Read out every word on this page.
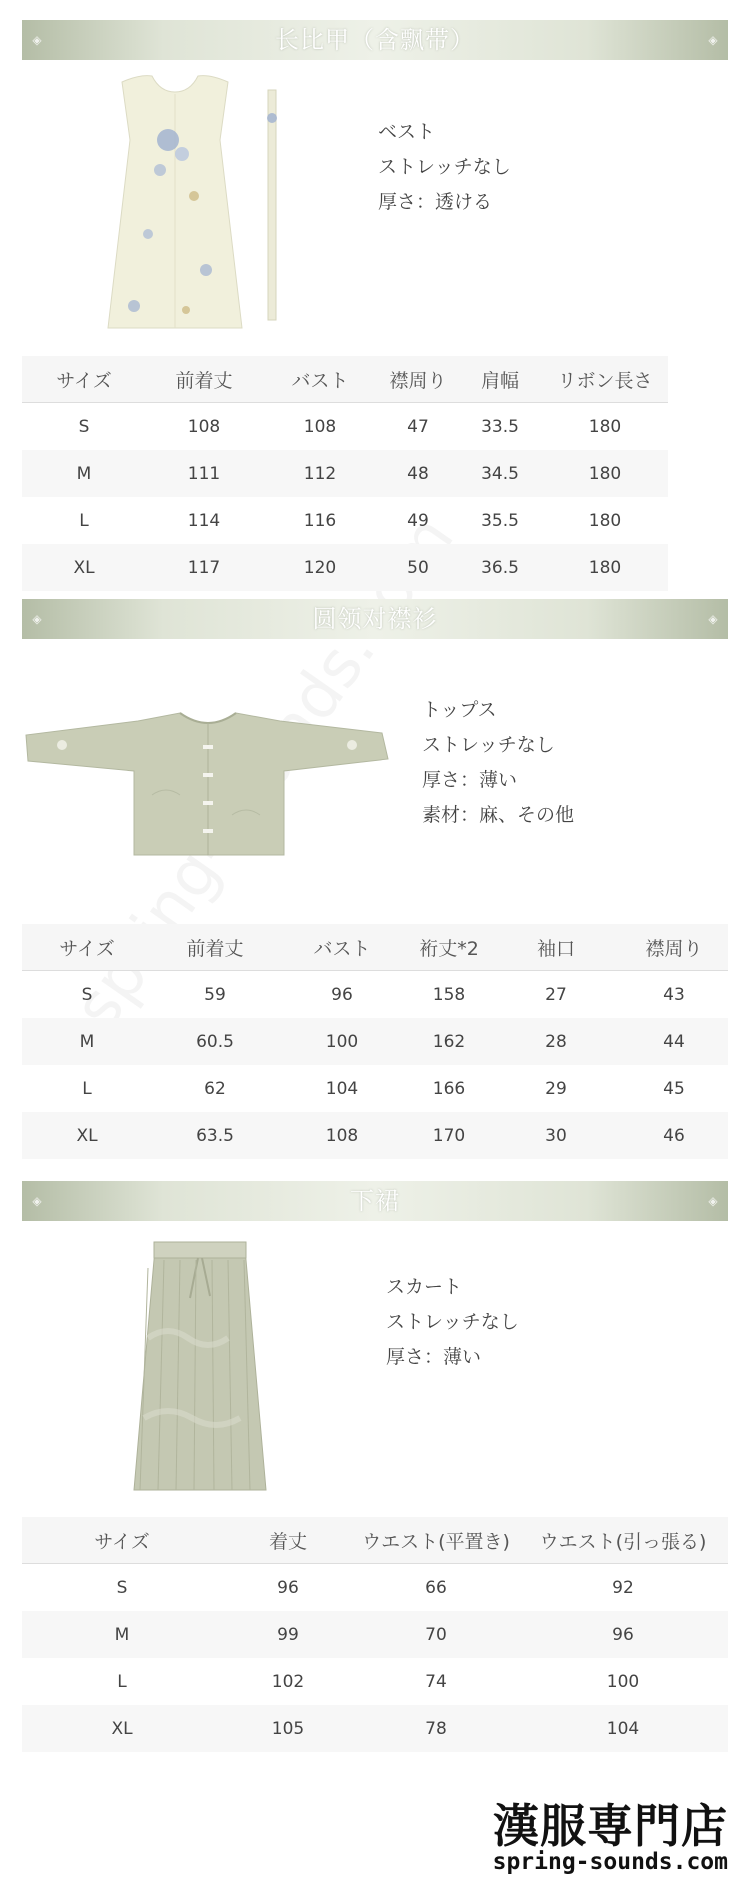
◈	长比甲（含飘带）	◈
ベスト
ストレッチなし
厚さ：透ける
サイズ	前着丈	バスト	襟周り	肩幅	リボン長さ
S	108	108	47	33.5	180
M	111	112	48	34.5	180
L	114	116	49	35.5	180
XL	117	120	50	36.5	180
◈	圆领对襟衫	◈
トップス
ストレッチなし
厚さ：薄い
素材：麻、その他
サイズ	前着丈	バスト	裄丈*2	袖口	襟周り
S	59	96	158	27	43
M	60.5	100	162	28	44
L	62	104	166	29	45
XL	63.5	108	170	30	46
◈	下裙	◈
スカート
ストレッチなし
厚さ：薄い
サイズ	着丈	ウエスト(平置き)	ウエスト(引っ張る)
S	96	66	92
M	99	70	96
L	102	74	100
XL	105	78	104
漢服専門店
spring-sounds.com
